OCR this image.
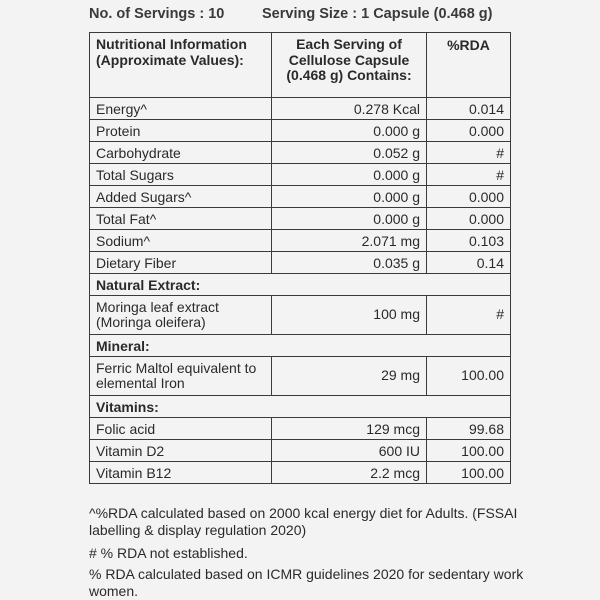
No. of Servings : 10	Serving Size : 1 Capsule (0.468 g)
Nutritional Information (Approximate Values):	Each Serving of Cellulose Capsule (0.468 g) Contains:	%RDA
Energy^	0.278 Kcal	0.014
Protein	0.000 g	0.000
Carbohydrate	0.052 g	#
Total Sugars	0.000 g	#
Added Sugars^	0.000 g	0.000
Total Fat^	0.000 g	0.000
Sodium^	2.071 mg	0.103
Dietary Fiber	0.035 g	0.14
Natural Extract:		
Moringa leaf extract (Moringa oleifera)	100 mg	#
Mineral:		
Ferric Maltol equivalent to elemental Iron	29 mg	100.00
Vitamins:		
Folic acid	129 mcg	99.68
Vitamin D2	600 IU	100.00
Vitamin B12	2.2 mcg	100.00

^%RDA calculated based on 2000 kcal energy diet for Adults. (FSSAI labelling & display regulation 2020)

# % RDA not established.

% RDA calculated based on ICMR guidelines 2020 for sedentary work women.
